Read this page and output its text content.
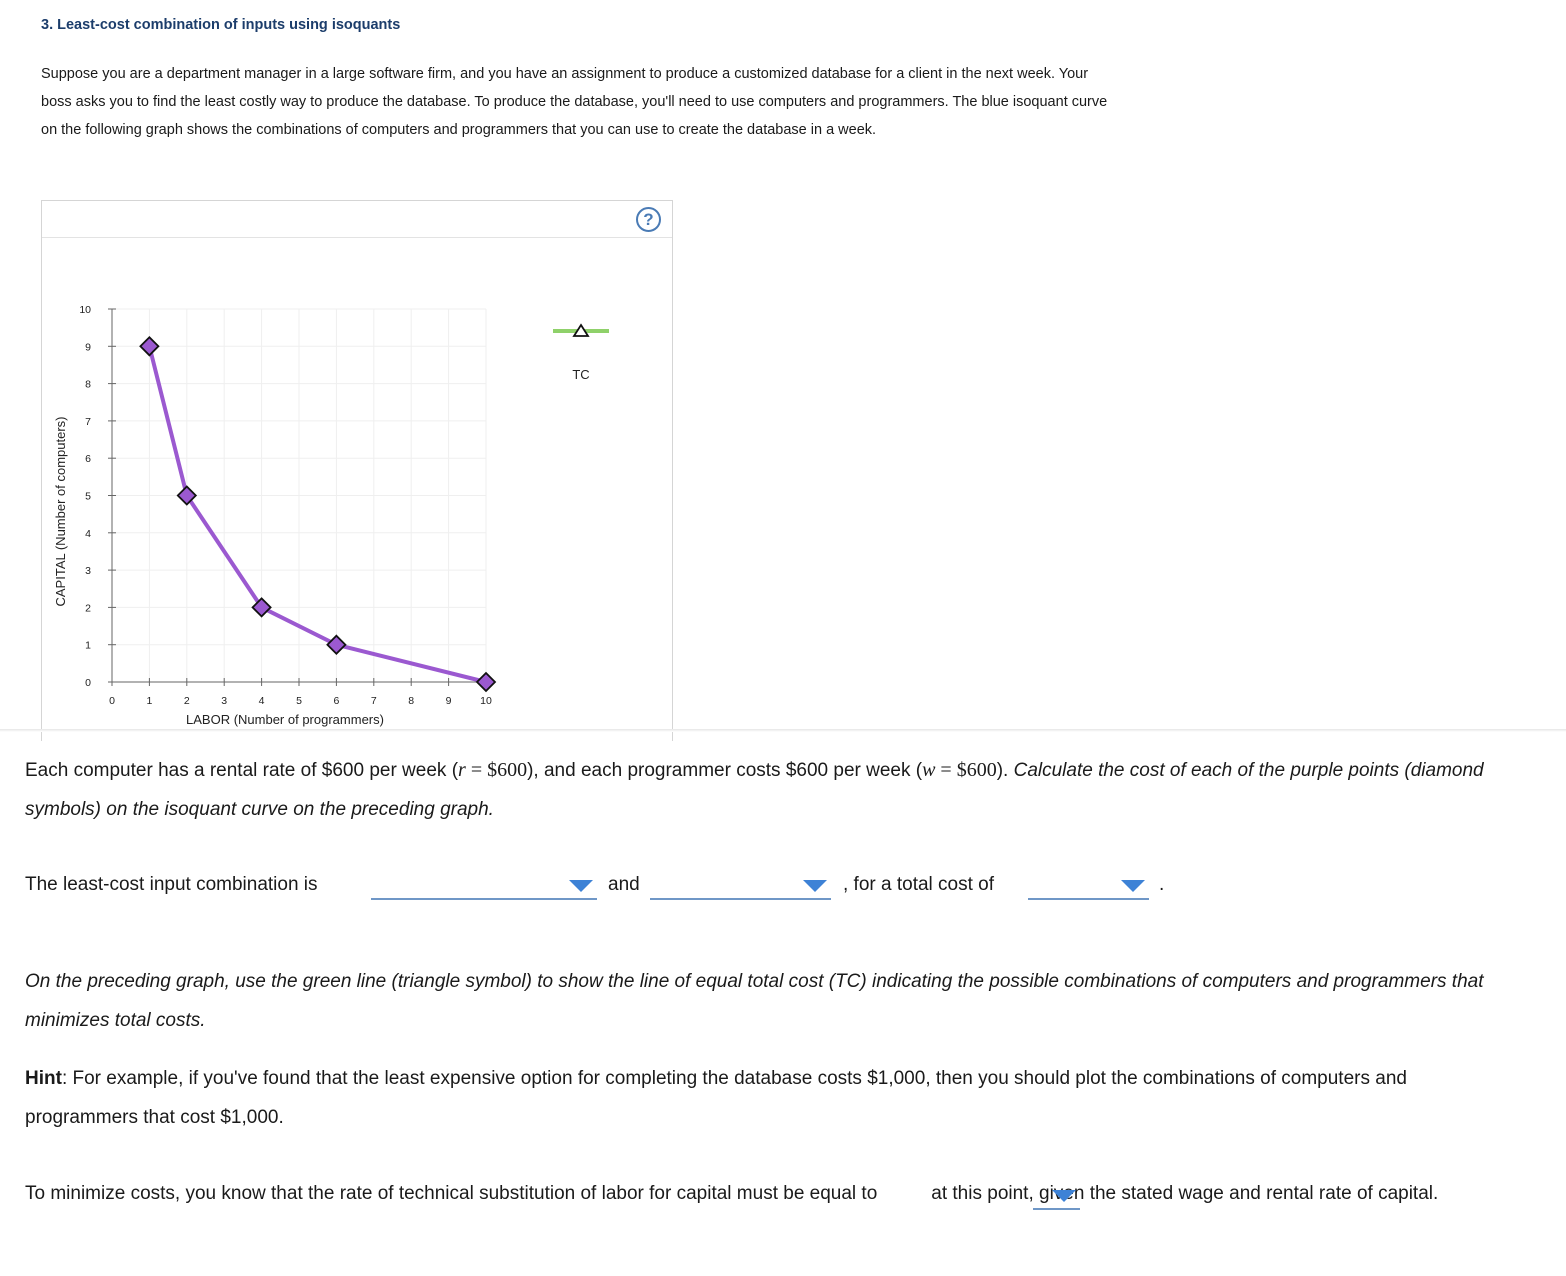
3. Least-cost combination of inputs using isoquants
Suppose you are a department manager in a large software firm, and you have an assignment to produce a customized database for a client in the next week. Your boss asks you to find the least costly way to produce the database. To produce the database, you'll need to use computers and programmers. The blue isoquant curve on the following graph shows the combinations of computers and programmers that you can use to create the database in a week.
0	1	2	3	4	5	6	7	8	9	10
0
1
2
3
4
5
6
7
8
9
10
LABOR (Number of programmers)
CAPITAL (Number of computers)
TC
?
Each computer has a rental rate of $600 per week (r = $600), and each programmer costs $600 per week (w = $600). Calculate the cost of each of the purple points (diamond symbols) on the isoquant curve on the preceding graph.
The least-cost input combination is	and	, for a total cost of	.
On the preceding graph, use the green line (triangle symbol) to show the line of equal total cost (TC) indicating the possible combinations of computers and programmers that minimizes total costs.
Hint: For example, if you've found that the least expensive option for completing the database costs $1,000, then you should plot the combinations of computers and programmers that cost $1,000.
To minimize costs, you know that the rate of technical substitution of labor for capital must be equal to	at this point, given the stated wage and rental rate of capital.
